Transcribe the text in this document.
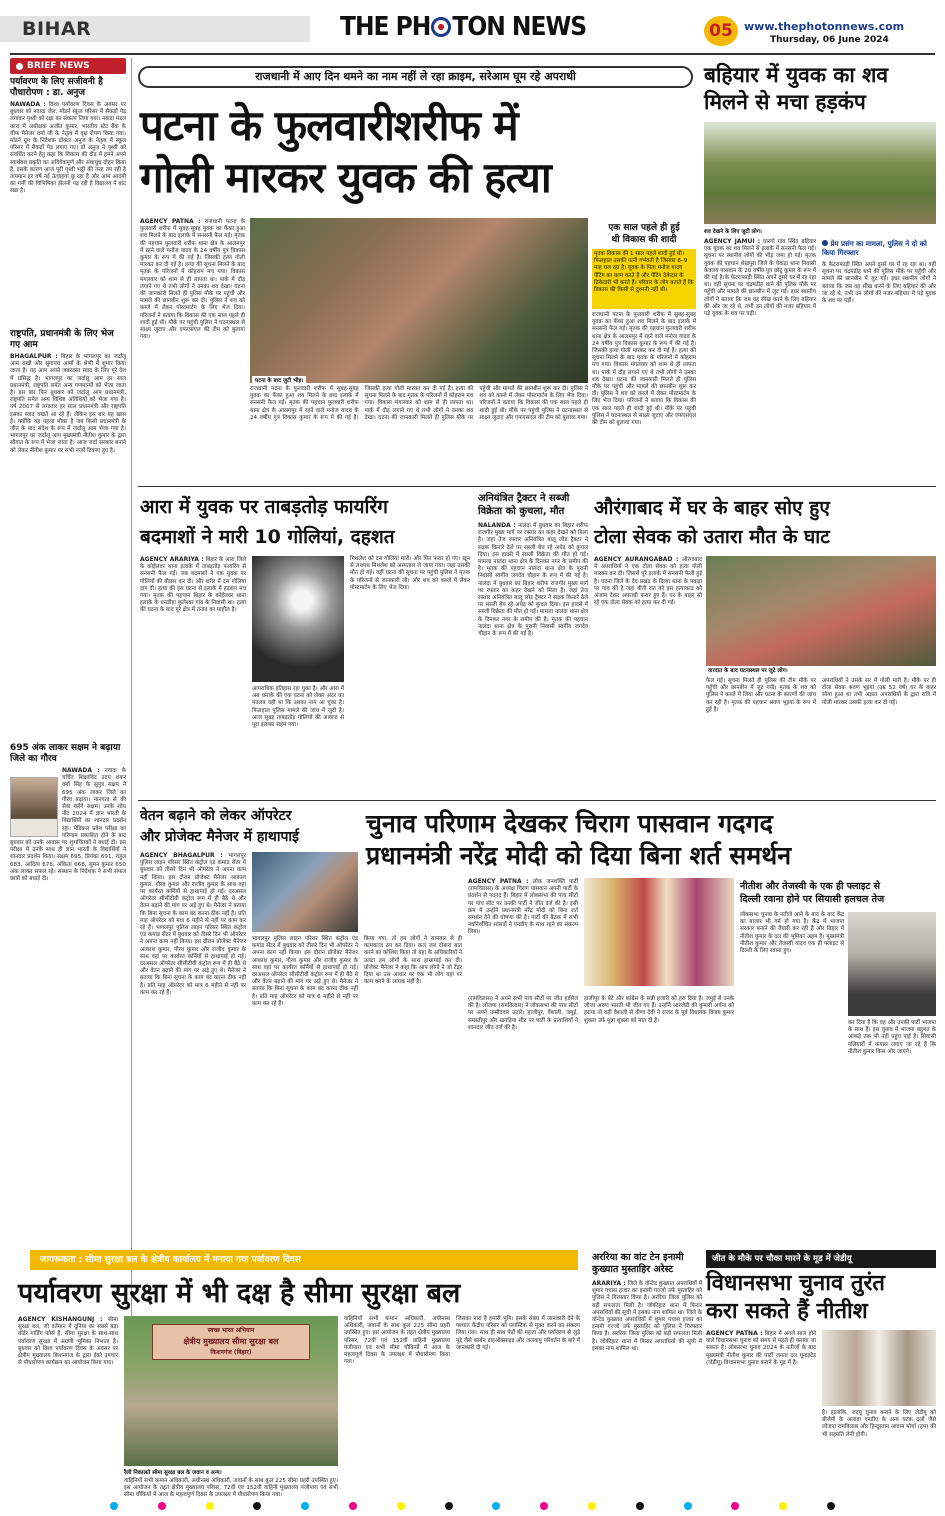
BIHAR	THE PH TON NEWS	05	www.thephotonnews.com
Thursday, 06 June 2024
BRIEF NEWS
पर्यावरण के लिए सजीवनी है पौधारोपण : डा. अनुज
NAWADA : विश्व पर्यावरण दिवस के अवसर पर बुधवार को नवादा जेल, मॉडर्न स्कूल परिसर में सैकड़ों पेड़ लगाकर पृथ्वी को रक्षा का संकल्प लिया गया। नवादा मंडल कारा में अधीक्षक अजीत कुमार, भारतीय स्टेट बैंक के चीफ मैनेजर वर्मा जी के नेतृत्व में वृक्ष रोपण किया गया। मॉडर्न ग्रुप के निदेशक डॉक्टर अनुज के नेतृत्व में स्कूल परिसर में सैकड़ों पेड़ लगाए गए। डॉ अनुज ने पृथ्वी को संवर्धित करने हेतु कहा कि विकास की दौड़ में हमने अपने स्वार्थवश प्रकृति का अविवेकपूर्ण और अंधाधुंध दोहन किया है, इसके कारण आज पूरी पृथ्वी भट्ठी की तरह तप रही है तापमान हर वर्ष नई ऊंचाइयां छू रहा है और आम आदमी का गर्मी की विभिषिका झेलनी पड़ रही है विद्यालय ने बांट रखा है।
राष्ट्रपति, प्रधानमंत्री के लिए भेज गए आम
BHAGALPUR : बिहार के भागलपुर का जर्दालू आम राखी और सुगापच आमों के श्रेणी में शुमार किया जाता है। यह आम अपने जबरदस्त स्वाद के लिए पूरे देश में प्रसिद्ध है। भागलपुर का जर्दालु आम हर साल प्रधानमंत्री, राष्ट्रपति समेत अन्य गणमान्यों को भेजा जाता है। इस बार फिर बुधवार को जर्दालू आम प्रधानमंत्री, राष्ट्रपति समेत अन्य विशिष्ट अतिथियों को भेजा गया है। वर्ष 2007 से लगातार हर साल प्रधानमंत्री और राष्ट्रपति इसका स्वाद चखते आ रहे हैं। लेकिन इस बार यह खास है। क्योंकि यह पहला मौका है जब किसी प्रधानमंत्री के जीत के बाद संदेश के रूप में जर्दालू आम भेजा गया है। भागलपुर का जर्दालू आम मुख्यमंत्री नीतीश कुमार के द्वारा सौगात के रूप में भेजा जाता है। आज जर्दा सरकार बनाने को लेकर नीतीश कुमार पर सभी नजरें टिकाए हुए है।
695 अंक लाकर सक्षम ने बढ़ाया जिले का गौरव
NAWADA : नवादा के चर्चित शिक्षाविद उदय शंकर वर्मा सिंह के सुपुत्र सक्षम ने 695 अंक लाकर जिले का गौरव बढ़ाया। मानवता से की सेवा करेंगे सक्षम। उनके शोध नीट 2024 में ज्ञान भारती के विद्यार्थियों का शानदार प्रदर्शन रहा। मेडिकल प्रवेश परीक्षा का परिणाम प्रकाशित होने के बाद बुधवार को उनके आवास पर शुभचिंतकों ने बधाई दी। इस परीक्षा में उनके साथ ही ज्ञान भारती के विद्यार्थियों ने शानदार प्रदर्शन किया। सक्षम 695, प्रियंका 691, राहुल 683, आदित्य 676, अंकिता 668, सुमन कुमार 650 अंक लाकर सफल रहे। संस्थान के निदेशक ने सभी सफल छात्रों को बधाई दी।
राजधानी में आए दिन थमने का नाम नहीं ले रहा क्राइम, सरेआम घूम रहे अपराधी
पटना के फुलवारीशरीफ में
गोली मारकर युवक की हत्या
AGENCY PATNA : राजधानी पटना के फुलवारी शरीफ में सुबह-सुबह युवक का फेंका हुआ शव मिलने के बाद इलाके में सनसनी फैल गई। मृतक की पहचान फुलवारी शरीफ थाना क्षेत्र के आलमपुर में रहने वाले मनोज यादव के 24 वर्षीय पुत्र विकास कुमार के रूप में की गई है। जिसकी हत्या गोली मारकर कर दी गई है। हत्या की सूचना मिलने के बाद मृतक के परिजनों में कोहराम मच गया। विकास मंगलवार को शाम से ही लापता था। पार्क में दौड़ लगाने गए थे तभी लोगों ने उनका शव देखा। घटना की जानकारी मिलते ही पुलिस मौके पर पहुंची और मामले की छानबीन शुरू कर दी। पुलिस ने शव को कब्जे में लेकर पोस्टमार्टम के लिए भेज दिया। परिजनों ने बताया कि विकास की एक साल पहले ही शादी हुई थी। मौके पर पहुंची पुलिस ने घटनास्थल से साक्ष्य जुटाए और एफएसएल की टीम को बुलाया गया।
घटना के बाद जुटी भीड़।
राजधानी पटना के फुलवारी शरीफ में सुबह-सुबह युवक का फेंका हुआ शव मिलने के बाद इलाके में सनसनी फैल गई। मृतक की पहचान फुलवारी शरीफ थाना क्षेत्र के आलमपुर में रहने वाले मनोज यादव के 24 वर्षीय पुत्र विकास कुमार के रूप में की गई है। जिसकी हत्या गोली मारकर कर दी गई है। हत्या की सूचना मिलने के बाद मृतक के परिजनों में कोहराम मच गया। विकास मंगलवार को शाम से ही लापता था। पार्क में दौड़ लगाने गए थे तभी लोगों ने उनका शव देखा। घटना की जानकारी मिलते ही पुलिस मौके पर पहुंची और मामले की छानबीन शुरू कर दी। पुलिस ने शव को कब्जे में लेकर पोस्टमार्टम के लिए भेज दिया। परिजनों ने बताया कि विकास की एक साल पहले ही शादी हुई थी। मौके पर पहुंची पुलिस ने घटनास्थल से साक्ष्य जुटाए और एफएसएल की टीम को बुलाया गया।
एक साल पहले ही हुई
थी विकास की शादी
मृतक विकास की 1 साल पहले शादी हुई थी। फिलहाल उसकी पत्नी गर्भवती है जिसका 8–9 माह चल रहा है। यूवक के पिता मनोज यादव पेंटिंग का काम करते हैं और पेंटिंग ठेकेदार के ठिकेदारी भी करते हैं। परिवार के लोग बताते हैं कि विकास की किसी से दुश्मनी नहीं थी।
राजधानी पटना के फुलवारी शरीफ में सुबह-सुबह युवक का फेंका हुआ शव मिलने के बाद इलाके में सनसनी फैल गई। मृतक की पहचान फुलवारी शरीफ थाना क्षेत्र के आलमपुर में रहने वाले मनोज यादव के 24 वर्षीय पुत्र विकास कुमार के रूप में की गई है। जिसकी हत्या गोली मारकर कर दी गई है। हत्या की सूचना मिलने के बाद मृतक के परिजनों में कोहराम मच गया। विकास मंगलवार को शाम से ही लापता था। पार्क में दौड़ लगाने गए थे तभी लोगों ने उनका शव देखा। घटना की जानकारी मिलते ही पुलिस मौके पर पहुंची और मामले की छानबीन शुरू कर दी। पुलिस ने शव को कब्जे में लेकर पोस्टमार्टम के लिए भेज दिया। परिजनों ने बताया कि विकास की एक साल पहले ही शादी हुई थी। मौके पर पहुंची पुलिस ने घटनास्थल से साक्ष्य जुटाए और एफएसएल की टीम को बुलाया गया।
बहियार में युवक का शव
मिलने से मचा हड़कंप
शव देखने के लिए जुटी लोग।
AGENCY JAMUI : घारगो गांव स्थित बहियार एक युवक का शव मिलने से इलाके में सनसनी फैल गई। सूचना पर स्थानीय लोगों की भीड़ जमा हो गई। मृतक युवक की पहचान शेखपुरा जिले के चेवाड़ा थाना निवासी केवलय पासवान के 20 वर्षीय पुत्र छोटू कुमार के रूप में की गई है।के फेटराफाड़ी स्थित अपने दूसरे घर में रह रहा था। वहीं सूचना पर चंद्रमंडीह थाने की पुलिस मौके पर पहुँची और मामले की छानबीन में जुट गई। इधर स्थानीय लोगों ने बताया कि जब वह सीख करने के लिए बहियार की ओर जा रहे थे, तभी उन लोगों की नजर बहियार में पड़े युवक के शव पर पड़ी।
प्रेम प्रसंग का मामला, पुलिस ने दो को किया गिरफ्तार
के फेटराफाड़ी स्थित अपने दूसरे घर में रह रहा था। वहीं सूचना पर चंद्रमंडीह थाने की पुलिस मौके पर पहुँची और मामले की छानबीन में जुट गई। इधर स्थानीय लोगों ने बताया कि जब वह सीख करने के लिए बहियार की ओर जा रहे थे, तभी उन लोगों की नजर बहियार में पड़े युवक के शव पर पड़ी।
आरा में युवक पर ताबड़तोड़ फायरिंग
बदमाशों ने मारी 10 गोलियां, दहशत
AGENCY ARARIYA : बिहार के आरा जिले के कोईलवर थाना इलाके में ताबड़तोड़ फायरिंग से सनसनी फैल गई। जब बदमाशों ने एक युवक पर गोलियों की बौछार कर दी। और शरीर में दस गोलियां दाग दी। हत्या की इस घटना से इलाके में हड़कंप मच गया। मृतक की पहचान बिहार के कोईलवर थाना इलाके के धनडीहा कुलेश्वर गांव के निवासी था। हत्या की घटना के बाद पूरे क्षेत्र में तनाव का माहौल है।
आपराधिक इतिहास रहा चुका है। और आरा में अब धमाके की एक घटना को लेकर अंदर का मतलब वहीं था कि उसका नाम आ चुका है। फिलहाल पुलिस मामले की जांच में जुटी है। आज सुबह ताबड़तोड़ गोलियों की आवाज से पूरा इलाका सहम गया।
मिथलेश को दस गोलियां मारी। और फिर फरार हो गए। खून से लथपथ मिथलेश को अस्पताल ले जाया गया। जहां उसकी मौत हो गई। वहीं घटना की सूचना पर पहुंची पुलिस ने मृतक के परिजनों से जानकारी ली। और शव को कब्जे में लेकर पोस्टमार्टम के लिए भेज दिया।
अनियंत्रित ट्रैक्टर ने सब्जी
विक्रेता को कुचला, मौत
NALANDA : नालंदा में बुधवार का बिहार शरीफ राजगीर मुख्य मार्ग पर रफ्तार का कहर देखने को मिला है। जहां तेज रफ्तार अनियंत्रित बालू लोड ट्रैक्टर ने सड़क किनारे ठेले पर सब्जी बेच रहे अधेड़ को कुचल दिया। इस हादसे में सब्जी विक्रेता की मौत हो गई। मामला नालंदा थाना क्षेत्र के दिनकर नगर के समीप की है। मृतक की पहचान नालंदा थाना क्षेत्र के पुरानी निवासी स्वर्गीय जगदेव चौहान के रूप में की गई है। नालंदा में बुधवार का बिहार शरीफ राजगीर मुख्य मार्ग पर रफ्तार का कहर देखने को मिला है। जहां तेज रफ्तार अनियंत्रित बालू लोड ट्रैक्टर ने सड़क किनारे ठेले पर सब्जी बेच रहे अधेड़ को कुचल दिया। इस हादसे में सब्जी विक्रेता की मौत हो गई। मामला नालंदा थाना क्षेत्र के दिनकर नगर के समीप की है। मृतक की पहचान नालंदा थाना क्षेत्र के पुरानी निवासी स्वर्गीय जगदेव चौहान के रूप में की गई है।
औरंगाबाद में घर के बाहर सोए हुए
टोला सेवक को उतारा मौत के घाट
AGENCY AURANGABAD : औरंगाबाद में अपराधियों ने एक टोला सेवक को हत्या गोली मारकर कर दी। जिससे पूरे इलाके में सनसनी फैली हुई है। घटना जिले के देव प्रखंड के दिव्या थाना के पकड़ा पर गांव की है जहां बीती रात को इस हत्याकांड को अंजाम देकर अपराधी फरार हुए हैं। घर के बाहर सो रहे एक टोला सेवक को हत्या कर दी गई।
वारदात के बाद घटनास्थल पर जुटे लोग।
फैल गई। सूचना मिलते ही पुलिस की टीम मौके पर पहुँची और छानबीन में जुट गयी। मृतक के शव को पुलिस ने कब्जे में लिया और घटना के कारणों की जांच कर रही है। मृतक की पहचान श्रवण भुइयां के रूप में हुई है।
अपराधियों ने उसके सर में गोली मारी है। मौके पर ही टोला सेवक श्रवण भुइयां (उम्र 52 वर्ष) घर के बाहर सोया हुआ था तभी अज्ञात अपराधियों के द्वारा रात्रि में गोली मारकर उसकी हत्या कर दी गई।
वेतन बढ़ाने को लेकर ऑपरेटर
और प्रोजेक्ट मैनेजर में हाथापाई
AGENCY BHAGALPUR : भागलपुर पुलिस लाइन परिसर स्थित कंट्रोल एंड कमांड सेंटर में बुधवार को तीसरे दिन भी ऑपरेटर ने अपना काम नहीं किया। इस दौरान प्रोजेक्ट मैनेजर आकाश कुमार, गौरव कुमार और राजीव कुमार के साथ वहां पर कार्यरत कर्मियों से हाथापाई हो गई। दरअसल ऑपरेटर सीसीटीवी कंट्रोल रूम में ही बैठे थे और वेतन बढ़ाने की मांग पर अड़े हुए थे। मैनेजर ने बताया कि बिना सूचना के काम बंद करना ठीक नहीं है। प्रति माह ऑपरेटर को मात्र 6 महीने से नहीं पर काम कर रहे हैं। भागलपुर पुलिस लाइन परिसर स्थित कंट्रोल एंड कमांड सेंटर में बुधवार को तीसरे दिन भी ऑपरेटर ने अपना काम नहीं किया। इस दौरान प्रोजेक्ट मैनेजर आकाश कुमार, गौरव कुमार और राजीव कुमार के साथ वहां पर कार्यरत कर्मियों से हाथापाई हो गई। दरअसल ऑपरेटर सीसीटीवी कंट्रोल रूम में ही बैठे थे और वेतन बढ़ाने की मांग पर अड़े हुए थे। मैनेजर ने बताया कि बिना सूचना के काम बंद करना ठीक नहीं है। प्रति माह ऑपरेटर को मात्र 6 महीने से नहीं पर काम कर रहे हैं।
भागलपुर पुलिस लाइन परिसर स्थित कंट्रोल एंड कमांड सेंटर में बुधवार को तीसरे दिन भी ऑपरेटर ने अपना काम नहीं किया। इस दौरान प्रोजेक्ट मैनेजर आकाश कुमार, गौरव कुमार और राजीव कुमार के साथ वहां पर कार्यरत कर्मियों से हाथापाई हो गई। दरअसल ऑपरेटर सीसीटीवी कंट्रोल रूम में ही बैठे थे और वेतन बढ़ाने की मांग पर अड़े हुए थे। मैनेजर ने बताया कि बिना सूचना के काम बंद करना ठीक नहीं है। प्रति माह ऑपरेटर को मात्र 6 महीने से नहीं पर काम कर रहे हैं।
किया गया, तो हम लोगों ने सामवार से ही कामकाज ठप कर दिया। कल जब दोबारा बात करने का कोशिश किया तो यहां के अधिकारियों ने उलटा हम लोगों के साथ हाथापाई कर दी। प्रोजेक्ट मैनेजर ने कहा कि आप लोगों ने जो टेंडर दिया था उस आधार पर एक भी लोग यहां पर काम करने के लायक नहीं है।
चुनाव परिणाम देखकर चिराग पासवान गदगद
प्रधानमंत्री नरेंद्र मोदी को दिया बिना शर्त समर्थन
AGENCY PATNA : लोक जनशक्ति पार्टी (रामविलास) के अध्यक्ष चिराग पासवान अपनी पार्टी के प्रदर्शन से गदगद हैं। बिहार में लोकसभा की पांच सीटों पर पांच सीट पर उनकी पार्टी ने जीत दर्ज की है। इसी क्रम में उन्होंने प्रधानमंत्री नरेंद्र मोदी को बिना शर्त समर्थन देने की घोषणा की है। पार्टी की बैठक में सभी नवनिर्वाचित सांसदों ने एनडीए के साथ रहने का संकल्प लिया।
(रामविलास) ने अपने सभी पांच सीटों पर जीत हासिल की है। लोजपा (रामविलास) ने लोकसभा की पांच सीटों पर अपने उम्मीदवार उतारे। हाजीपुर, वैशाली, जमुई, समस्तीपुर और खगड़िया सीट पर पार्टी के प्रत्याशियों ने शानदार जीत दर्ज की है।
हाजीपुर के बेटे और कांग्रेस के सन्नी हजारी को हरा दिया है। जमुई से उनके जीजा अरुण भारती भी जीत गए हैं। उन्होंने आरजेडी की कुमारी अर्चना को हराया तो वहीं वैशाली से वीणा देवी ने राजद के पूर्व विधायक विजय कुमार शुक्ला उर्फ मुन्ना शुक्ला को मात दी है।
नीतीश और तेजस्वी के एक ही फ्लाइट से
दिल्ली रवाना होने पर सियासी हलचल तेज
लोकसभा चुनाव के नतीजे आने के बाद के बाद केंद्र का बाजार भी गर्म हो गया है। केंद्र में भाजपा सरकार बनाने की तैयारी कर रही है और बिहार में नीतीश कुमार के दल की भूमिका अहम है। मुख्यमंत्री नीतीश कुमार और तेजस्वी यादव एक ही फ्लाइट से दिल्ली के लिए रवाना हुए।
कर दिया है कि वह और उनकी पार्टी भाजपा के साथ हैं। इस चुनाव में भाजपा बहुमत के आंकड़े तक भी नहीं पहुंच पाई है। सियासी गलियारों में कयास लगाए जा रहे हैं कि नीतीश कुमार किस ओर जाएंगे।
जागरूकता : सीमा सुरक्षा बल के क्षेत्रीय कार्यालय में मनाया गया पर्यावरण दिवस
पर्यावरण सुरक्षा में भी दक्ष है सीमा सुरक्षा बल
AGENCY KISHANGUNJ : सीमा सुरक्षा बल, जो वर्तमान में दुनिया का सबसे बड़ा बॉर्डर गार्डिंग फोर्स है, सीमा सुरक्षा के साथ-साथ पर्यावरण सुरक्षा में अग्रणी भूमिका निभाता है। बुधवार को विश्व पर्यावरण दिवस के अवसर पर क्षेत्रीय मुख्यालय किशनगंज के द्वारा ईको उपचार से पौधारोपण कार्यक्रम का आयोजन किया गया।
स्वच्छ भारत अभियान
क्षेत्रीय मुख्यालय सीमा सुरक्षा बल
किशनगंज (बिहार)
रैली निकालते सीमा सुरक्षा बल के जवान व अन्य।
वाहिनियों सभी कमान अधिकारी, अधीनस्थ अधिकारी, जवानों के साथ कुल 225 सीमा प्रहरी उपस्थित हुए। इस आयोजन के तहत क्षेत्रीय मुख्यालय परिसर, 72वीं एवं 152वीं वाहिनी मुख्यालय पंजीपारा एवं सभी सीमा चौकियों में आज के महत्वपूर्ण दिवस के उपलक्ष्य में पौधारोपण किया गया।
वाहिनियों सभी कमान अधिकारी, अधीनस्थ अधिकारी, जवानों के साथ कुल 225 सीमा प्रहरी उपस्थित हुए। इस आयोजन के तहत क्षेत्रीय मुख्यालय परिसर, 72वीं एवं 152वीं वाहिनी मुख्यालय पंजीपारा एवं सभी सीमा चौकियों में आज के महत्वपूर्ण दिवस के उपलक्ष्य में पौधारोपण किया गया।
जिसका नारा है हमारी भूमि। इसके संबंध में जानकारी देने के पश्चात केंद्रीय परिसर को प्लास्टिक से मुक्त करने का संकल्प लिया गया। साथ ही साथ पेड़ों की महत्ता और पर्यावरण से जुड़े मुद्दे जैसे कार्बन डाइऑक्साइड और जलवायु परिवर्तन के बारे में जानकारी दी गई।
अररिया का वांट टेन इनामी
कुख्यात मुस्ताहिर अरेस्ट
ARARIYA : जिले के वॉन्टेड कुख्यात अपराधियों में शुमार पचास हजार का इनामी गज्जो उर्फ मुस्ताहिर को पुलिस ने गिरफ्तार किया है। अररिया जिला पुलिस को बड़ी सफलता मिली है। जोकीहाट थाना में फिरार अपराधियों की सूची में इसका नाम शामिल था। जिले के वॉन्टेड कुख्यात अपराधियों में शुमार पचास हजार का इनामी गज्जो उर्फ मुस्ताहिर को पुलिस ने गिरफ्तार किया है। अररिया जिला पुलिस को बड़ी सफलता मिली है। जोकीहाट थाना में फिरार अपराधियों की सूची में इसका नाम शामिल था।
जीत के मौके पर चौका मारने के मूड में जेडीयू
विधानसभा चुनाव तुरंत
करा सकते हैं नीतीश
AGENCY PATNA : बिहार में अगले साल होने वाले विधानसभा चुनाव को समय से पहले ही कराया जा सकता है। लोकसभा चुनाव 2024 के नतीजों के बाद मुख्यमंत्री नीतीश कुमार की पार्टी जनता दल यूनाइटेड (जेडीयू) विधानसभा चुनाव कराने के मूड में है।
है। हालांकि, जदयू चुनाव कराने के लिए जेडीयू को बीजेपी के अलावा एनडीए के अन्य घटक दलों जैसे लोजपा रामविलास और हिन्दुस्तान आवाम मोर्चा (हम) की भी सहमति लेनी होगी।
